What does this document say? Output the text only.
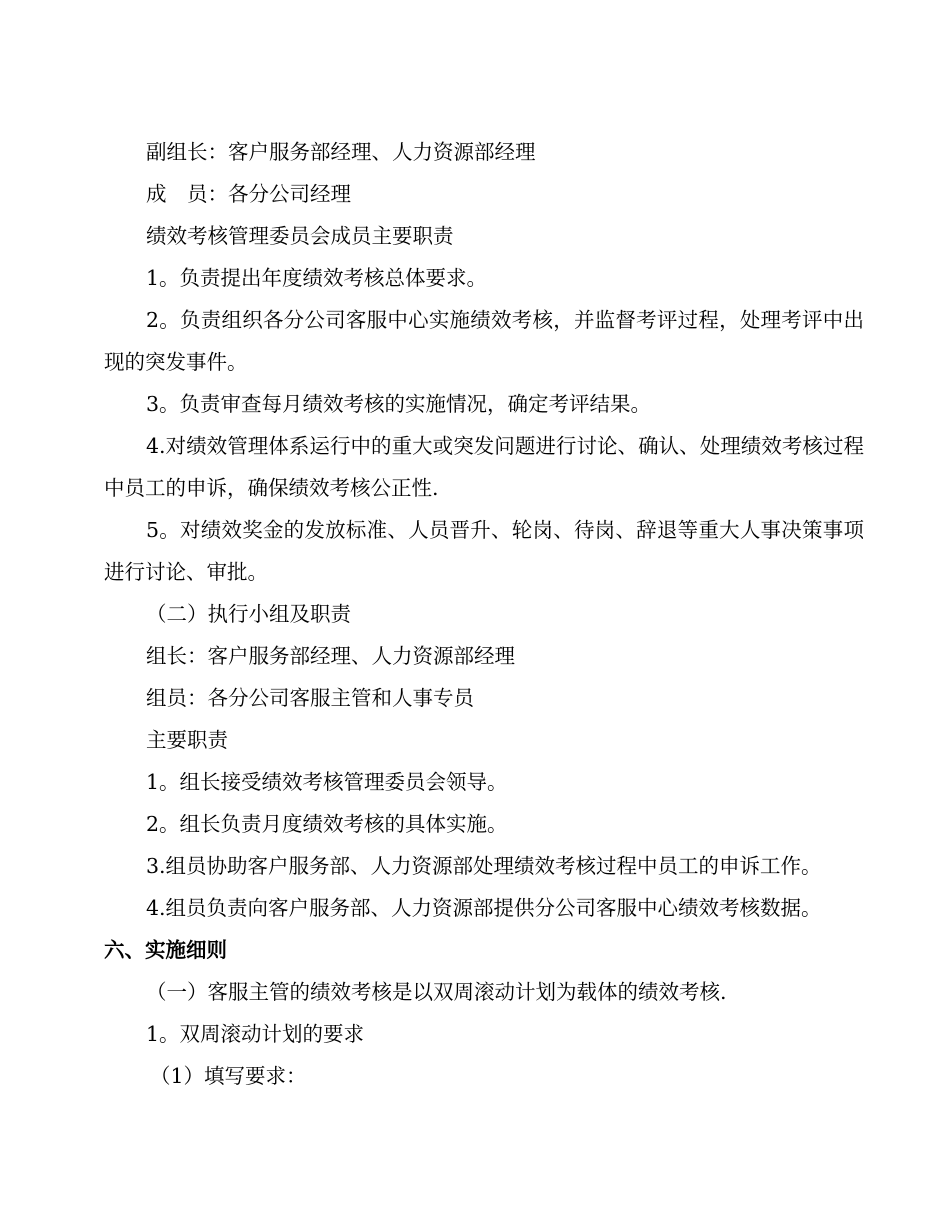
副组长：客户服务部经理、人力资源部经理

成　员：各分公司经理

绩效考核管理委员会成员主要职责

1。负责提出年度绩效考核总体要求。

2。负责组织各分公司客服中心实施绩效考核，并监督考评过程，处理考评中出现的突发事件。

3。负责审查每月绩效考核的实施情况，确定考评结果。

4.对绩效管理体系运行中的重大或突发问题进行讨论、确认、处理绩效考核过程中员工的申诉，确保绩效考核公正性.

5。对绩效奖金的发放标准、人员晋升、轮岗、待岗、辞退等重大人事决策事项进行讨论、审批。

（二）执行小组及职责

组长：客户服务部经理、人力资源部经理

组员：各分公司客服主管和人事专员

主要职责

1。组长接受绩效考核管理委员会领导。

2。组长负责月度绩效考核的具体实施。

3.组员协助客户服务部、人力资源部处理绩效考核过程中员工的申诉工作。

4.组员负责向客户服务部、人力资源部提供分公司客服中心绩效考核数据。

六、实施细则

（一）客服主管的绩效考核是以双周滚动计划为载体的绩效考核.

1。双周滚动计划的要求

（1）填写要求：
